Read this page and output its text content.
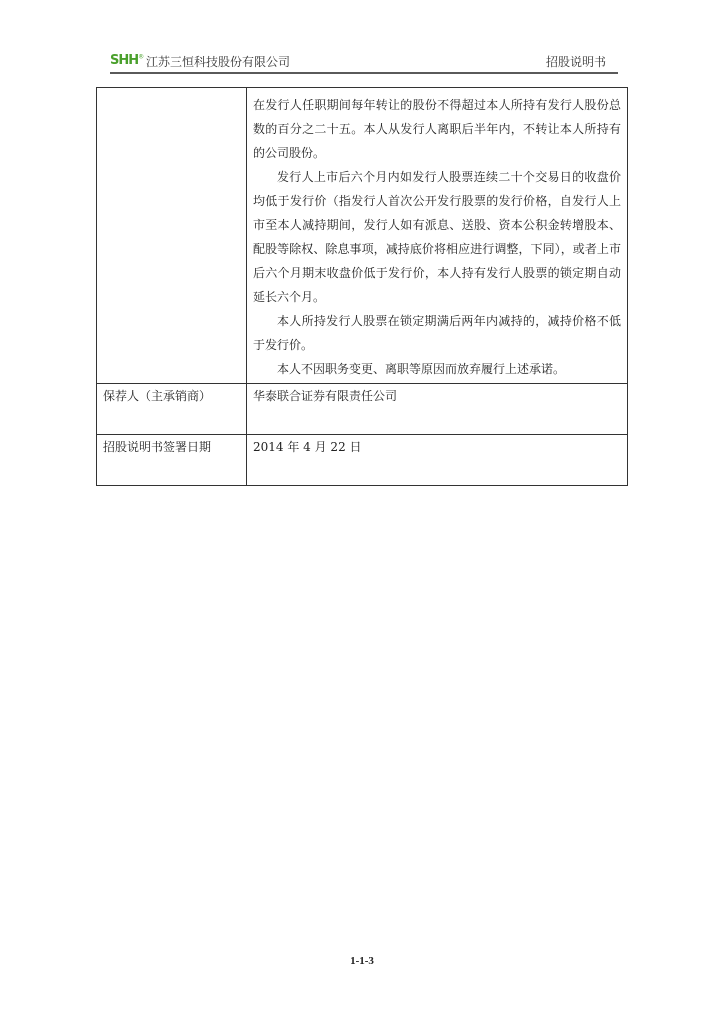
SHH® 江苏三恒科技股份有限公司	招股说明书

	在发行人任职期间每年转让的股份不得超过本人所持有发行人股份总数的百分之二十五。本人从发行人离职后半年内，不转让本人所持有的公司股份。

发行人上市后六个月内如发行人股票连续二十个交易日的收盘价均低于发行价（指发行人首次公开发行股票的发行价格，自发行人上市至本人减持期间，发行人如有派息、送股、资本公积金转增股本、配股等除权、除息事项，减持底价将相应进行调整，下同），或者上市后六个月期末收盘价低于发行价，本人持有发行人股票的锁定期自动延长六个月。

本人所持发行人股票在锁定期满后两年内减持的，减持价格不低于发行价。

本人不因职务变更、离职等原因而放弃履行上述承诺。

保荐人（主承销商）	华泰联合证券有限责任公司
招股说明书签署日期	2014 年 4 月 22 日
1-1-3
